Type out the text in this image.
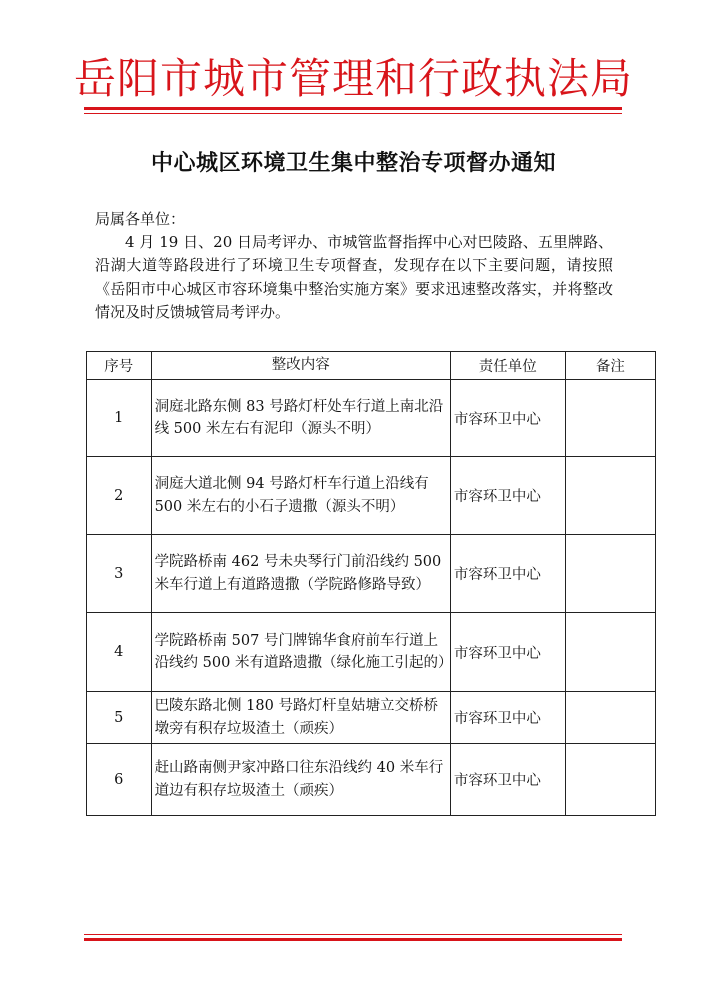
岳阳市城市管理和行政执法局
中心城区环境卫生集中整治专项督办通知
局属各单位：
4 月 19 日、20 日局考评办、市城管监督指挥中心对巴陵路、五里牌路、沿湖大道等路段进行了环境卫生专项督查，发现存在以下主要问题，请按照《岳阳市中心城区市容环境集中整治实施方案》要求迅速整改落实，并将整改情况及时反馈城管局考评办。
序号	整改内容	责任单位	备注
1	洞庭北路东侧 83 号路灯杆处车行道上南北沿线 500 米左右有泥印（源头不明）	市容环卫中心	

2	洞庭大道北侧 94 号路灯杆车行道上沿线有 500 米左右的小石子遗撒（源头不明）	市容环卫中心	

3	学院路桥南 462 号未央琴行门前沿线约 500 米车行道上有道路遗撒（学院路修路导致）	市容环卫中心	

4	学院路桥南 507 号门牌锦华食府前车行道上沿线约 500 米有道路遗撒（绿化施工引起的）	市容环卫中心	

5	巴陵东路北侧 180 号路灯杆皇姑塘立交桥桥墩旁有积存垃圾渣土（顽疾）	市容环卫中心	

6	赶山路南侧尹家冲路口往东沿线约 40 米车行道边有积存垃圾渣土（顽疾）	市容环卫中心	
